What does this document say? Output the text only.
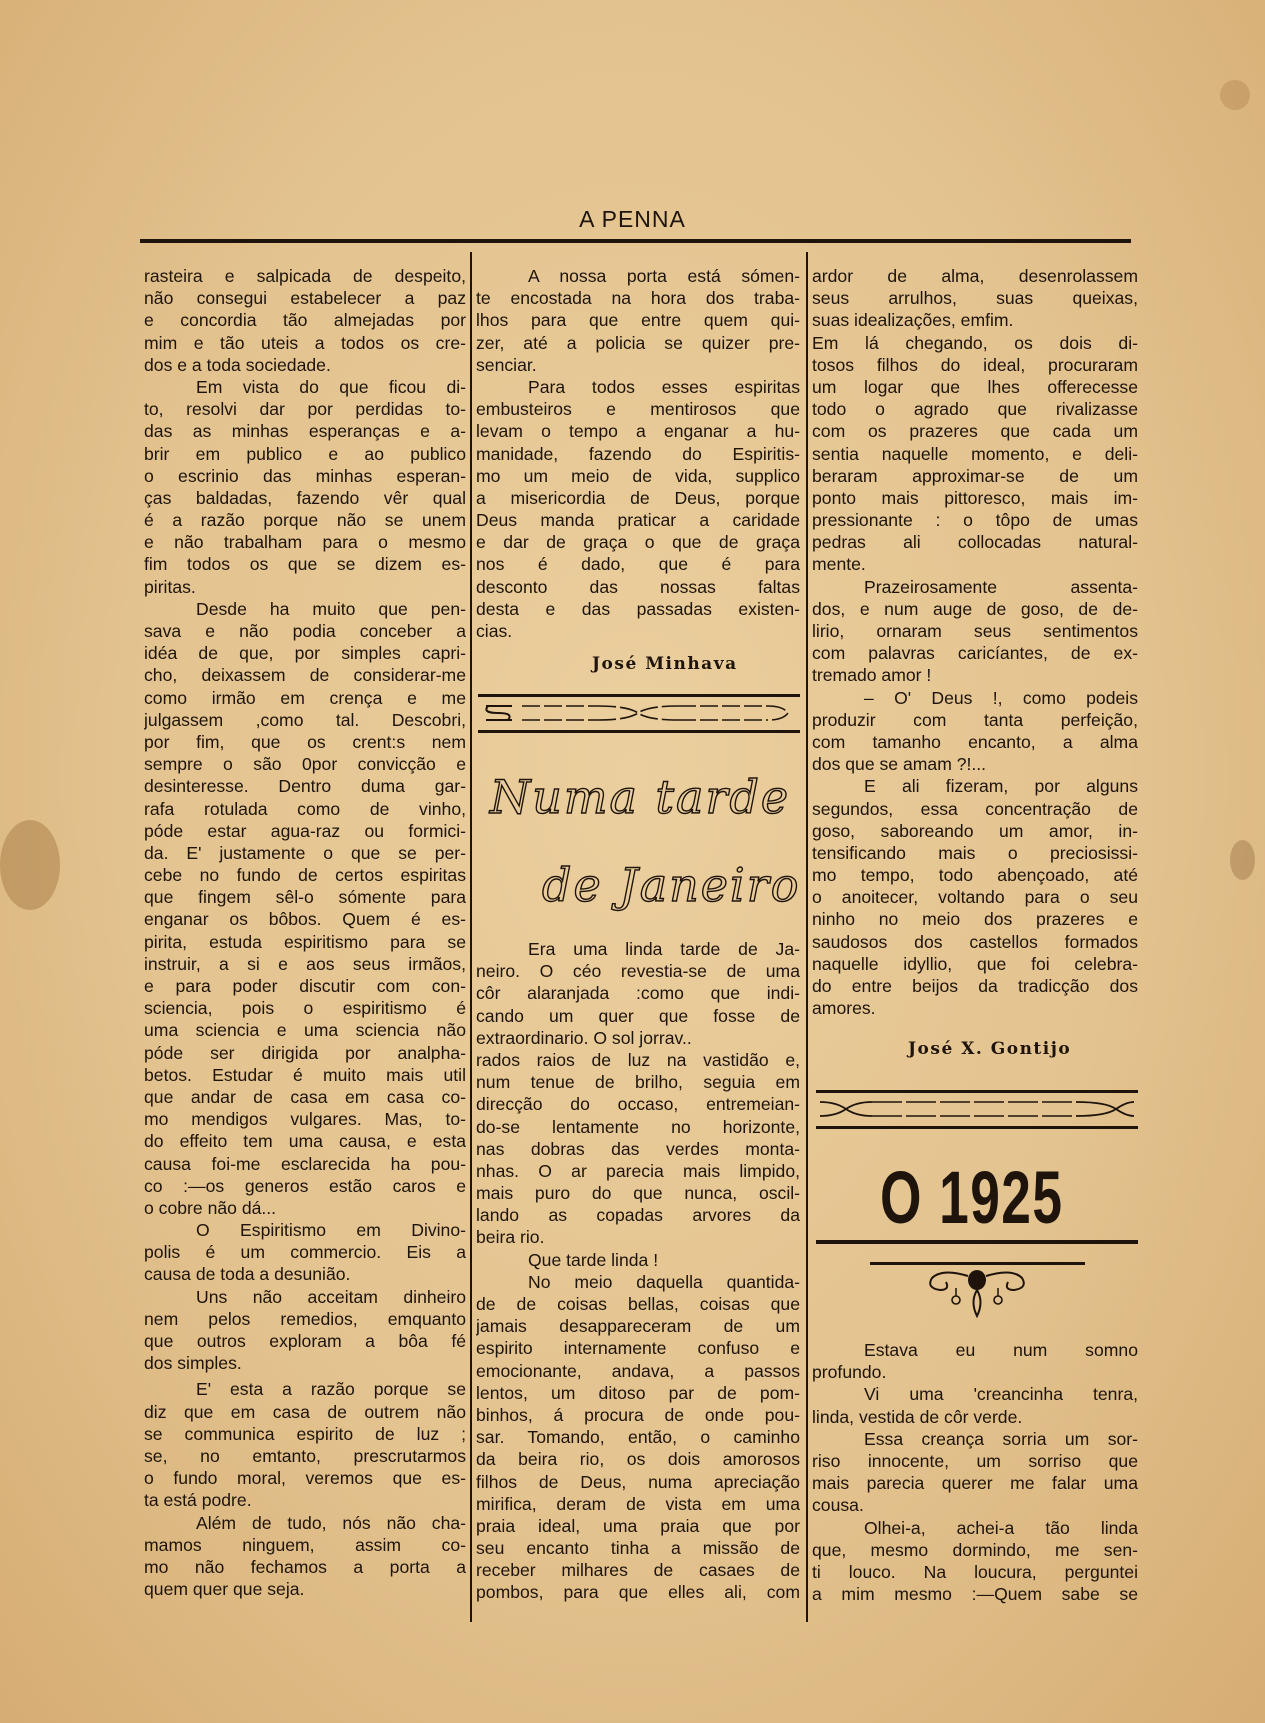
A PENNA
rasteira e salpicada de despeito,
não consegui estabelecer a paz
e concordia tão almejadas por
mim e tão uteis a todos os cre-
dos e a toda sociedade.
Em vista do que ficou di-
to, resolvi dar por perdidas to-
das as minhas esperanças e a-
brir em publico e ao publico
o escrinio das minhas esperan-
ças baldadas, fazendo vêr qual
é a razão porque não se unem
e não trabalham para o mesmo
fim todos os que se dizem es-
piritas.
Desde ha muito que pen-
sava e não podia conceber a
idéa de que, por simples capri-
cho, deixassem de considerar-me
como irmão em crença e me
julgassem ,como tal. Descobri,
por fim, que os crent:s nem
sempre o são 0por convicção e
desinteresse. Dentro duma gar-
rafa rotulada como de vinho,
póde estar agua-raz ou formici-
da. E' justamente o que se per-
cebe no fundo de certos espiritas
que fingem sêl-o sómente para
enganar os bôbos. Quem é es-
pirita, estuda espiritismo para se
instruir, a si e aos seus irmãos,
e para poder discutir com con-
sciencia, pois o espiritismo é
uma sciencia e uma sciencia não
póde ser dirigida por analpha-
betos. Estudar é muito mais util
que andar de casa em casa co-
mo mendigos vulgares. Mas, to-
do effeito tem uma causa, e esta
causa foi-me esclarecida ha pou-
co :—os generos estão caros e
o cobre não dá...
O Espiritismo em Divino-
polis é um commercio. Eis a
causa de toda a desunião.
Uns não acceitam dinheiro
nem pelos remedios, emquanto
que outros exploram a bôa fé
dos simples.
E' esta a razão porque se
diz que em casa de outrem não
se communica espirito de luz ;
se, no emtanto, prescrutarmos
o fundo moral, veremos que es-
ta está podre.
Além de tudo, nós não cha-
mamos ninguem, assim co-
mo não fechamos a porta a
quem quer que seja.
A nossa porta está sómen-
te encostada na hora dos traba-
lhos para que entre quem qui-
zer, até a policia se quizer pre-
senciar.
Para todos esses espiritas
embusteiros e mentirosos que
levam o tempo a enganar a hu-
manidade, fazendo do Espiritis-
mo um meio de vida, supplico
a misericordia de Deus, porque
Deus manda praticar a caridade
e dar de graça o que de graça
nos é dado, que é para
desconto das nossas faltas
desta e das passadas existen-
cias.
José Minhava
Numa tarde
de Janeiro
Era uma linda tarde de Ja-
neiro. O céo revestia-se de uma
côr alaranjada :como que indi-
cando um quer que fosse de
extraordinario. O sol jorrav..
rados raios de luz na vastidão e,
num tenue de brilho, seguia em
direcção do occaso, entremeian-
do-se lentamente no horizonte,
nas dobras das verdes monta-
nhas. O ar parecia mais limpido,
mais puro do que nunca, oscil-
lando as copadas arvores da
beira rio.
Que tarde linda !
No meio daquella quantida-
de de coisas bellas, coisas que
jamais desappareceram de um
espirito internamente confuso e
emocionante, andava, a passos
lentos, um ditoso par de pom-
binhos, á procura de onde pou-
sar. Tomando, então, o caminho
da beira rio, os dois amorosos
filhos de Deus, numa apreciação
mirifica, deram de vista em uma
praia ideal, uma praia que por
seu encanto tinha a missão de
receber milhares de casaes de
pombos, para que elles ali, com
ardor de alma, desenrolassem
seus arrulhos, suas queixas,
suas idealizações, emfim.
Em lá chegando, os dois di-
tosos filhos do ideal, procuraram
um logar que lhes offerecesse
todo o agrado que rivalizasse
com os prazeres que cada um
sentia naquelle momento, e deli-
beraram approximar-se de um
ponto mais pittoresco, mais im-
pressionante : o tôpo de umas
pedras ali collocadas natural-
mente.
Prazeirosamente assenta-
dos, e num auge de goso, de de-
lirio, ornaram seus sentimentos
com palavras caricíantes, de ex-
tremado amor !
– O' Deus !, como podeis
produzir com tanta perfeição,
com tamanho encanto, a alma
dos que se amam ?!...
E ali fizeram, por alguns
segundos, essa concentração de
goso, saboreando um amor, in-
tensificando mais o preciosissi-
mo tempo, todo abençoado, até
o anoitecer, voltando para o seu
ninho no meio dos prazeres e
saudosos dos castellos formados
naquelle idyllio, que foi celebra-
do entre beijos da tradicção dos
amores.
José X. Gontijo
O 1925
Estava eu num somno
profundo.
Vi uma 'creancinha tenra,
linda, vestida de côr verde.
Essa creança sorria um sor-
riso innocente, um sorriso que
mais parecia querer me falar uma
cousa.
Olhei-a, achei-a tão linda
que, mesmo dormindo, me sen-
ti louco. Na loucura, perguntei
a mim mesmo :—Quem sabe se
